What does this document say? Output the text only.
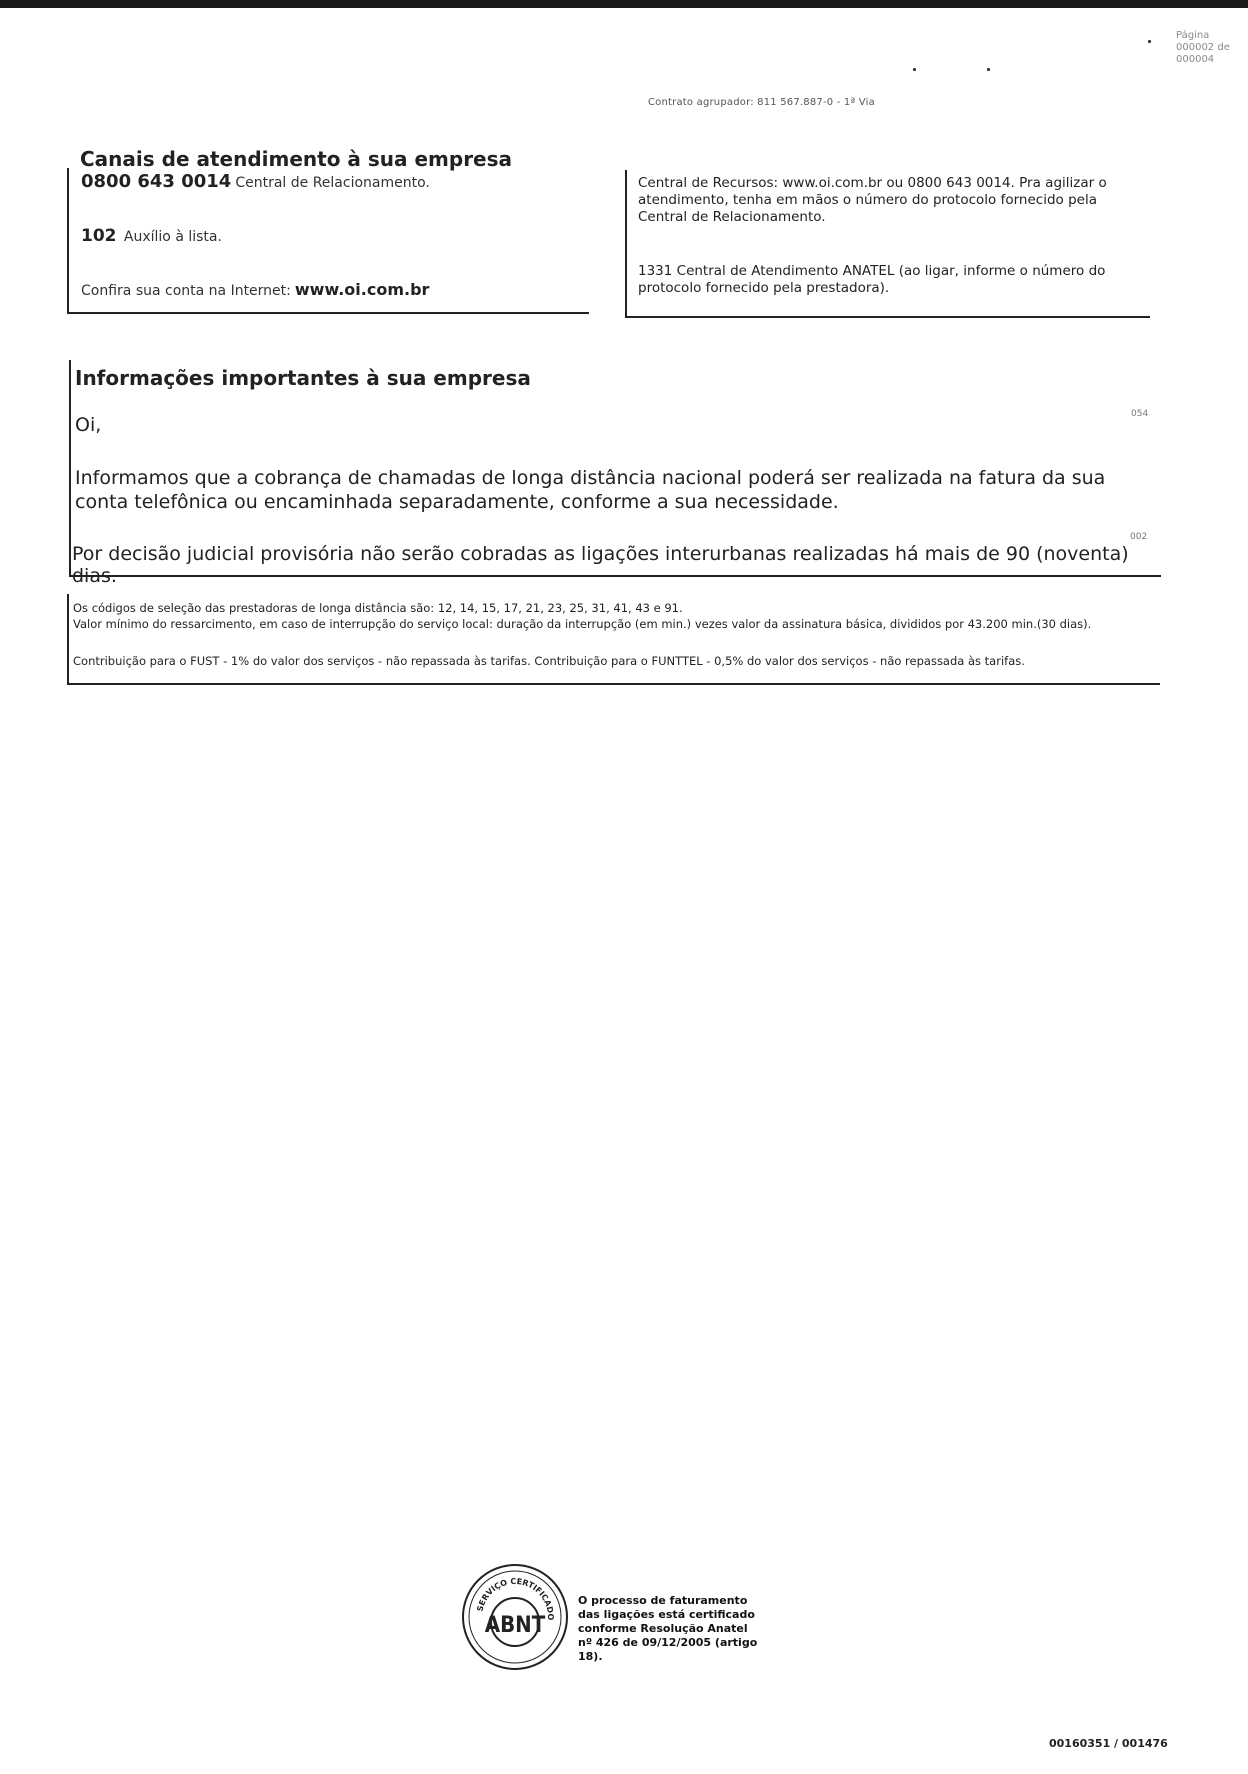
Página
000002 de
000004
Contrato agrupador: 811 567.887-0 - 1ª Via
Canais de atendimento à sua empresa
0800 643 0014 Central de Relacionamento.
102 Auxílio à lista.
Confira sua conta na Internet: www.oi.com.br
Central de Recursos: www.oi.com.br ou 0800 643 0014. Pra agilizar o atendimento, tenha em mãos o número do protocolo fornecido pela Central de Relacionamento.
1331 Central de Atendimento ANATEL (ao ligar, informe o número do protocolo fornecido pela prestadora).
Informações importantes à sua empresa
Oi,
Informamos que a cobrança de chamadas de longa distância nacional poderá ser realizada na fatura da sua conta telefônica ou encaminhada separadamente, conforme a sua necessidade.
Por decisão judicial provisória não serão cobradas as ligações interurbanas realizadas há mais de 90 (noventa) dias.
054
002
Os códigos de seleção das prestadoras de longa distância são: 12, 14, 15, 17, 21, 23, 25, 31, 41, 43 e 91.
Valor mínimo do ressarcimento, em caso de interrupção do serviço local: duração da interrupção (em min.) vezes valor da assinatura básica, divididos por 43.200 min.(30 dias).
Contribuição para o FUST - 1% do valor dos serviços - não repassada às tarifas. Contribuição para o FUNTTEL - 0,5% do valor dos serviços - não repassada às tarifas.
SERVIÇO CERTIFICADO
ABNT
O processo de faturamento das ligações está certificado conforme Resolução Anatel nº 426 de 09/12/2005 (artigo 18).
00160351 / 001476
